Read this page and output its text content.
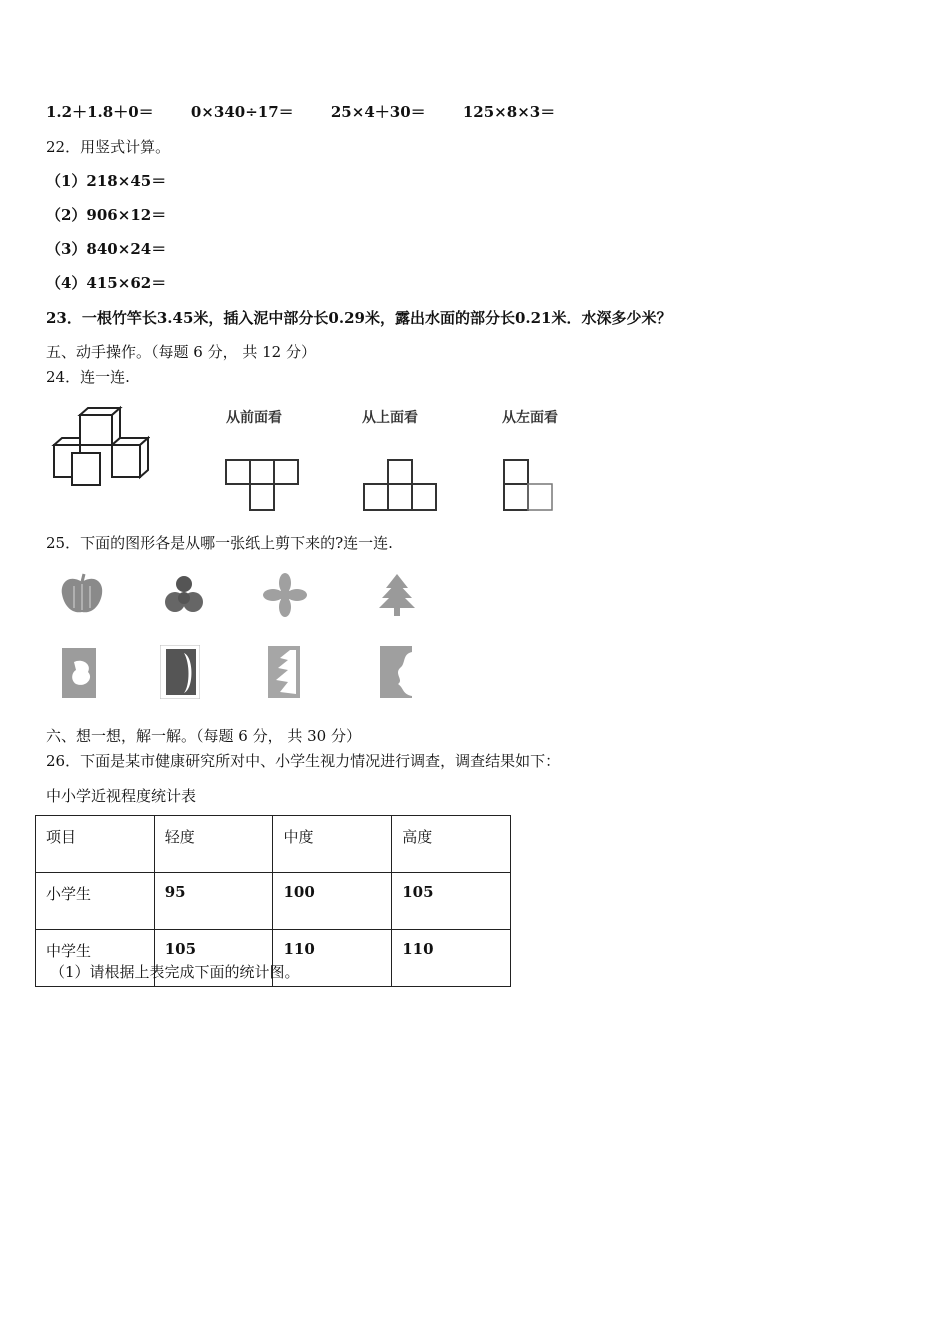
1.2＋1.8＋0＝ 0×340÷17＝ 25×4＋30＝ 125×8×3＝
22．用竖式计算。
（1）218×45＝
（2）906×12＝
（3）840×24＝
（4）415×62＝
23．一根竹竿长3.45米，插入泥中部分长0.29米，露出水面的部分长0.21米．水深多少米？
五、动手操作。（每题 6 分， 共 12 分）
24．连一连.
从前面看	从上面看	从左面看
25．下面的图形各是从哪一张纸上剪下来的?连一连.
六、想一想，解一解。（每题 6 分， 共 30 分）
26．下面是某市健康研究所对中、小学生视力情况进行调查，调查结果如下：
中小学近视程度统计表
项目	轻度	中度	高度
小学生	95	100	105
中学生	105	110	110
（1）请根据上表完成下面的统计图。
